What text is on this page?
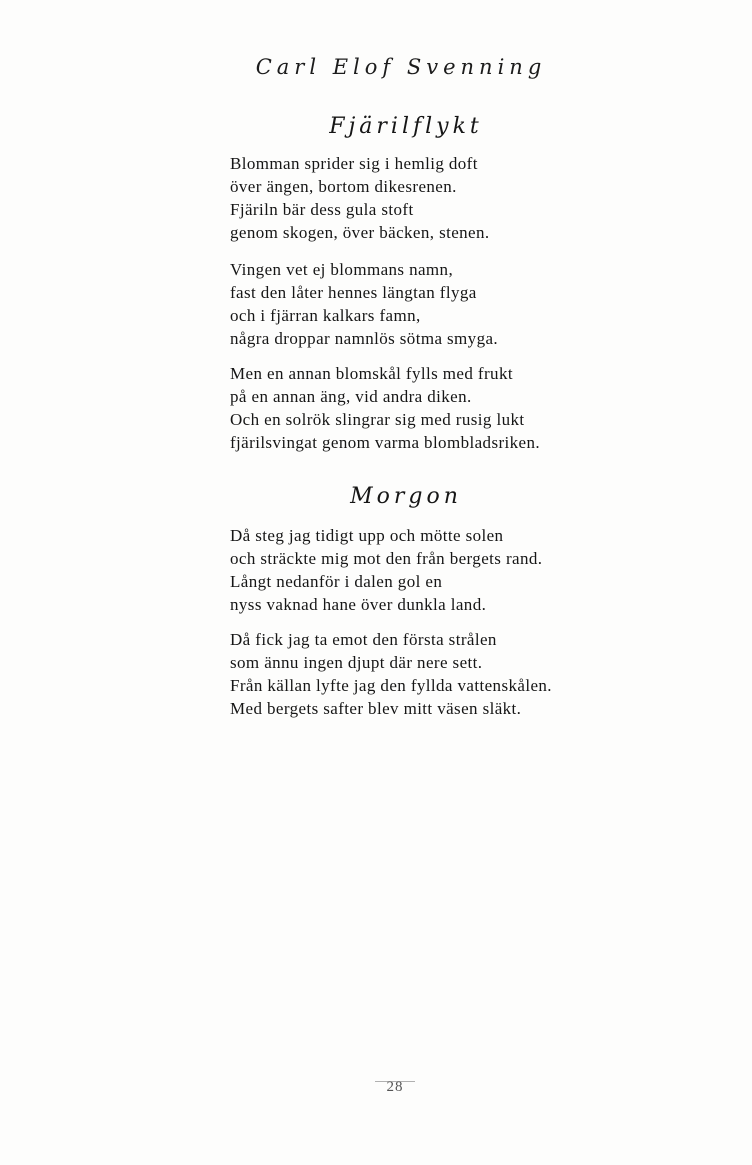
Carl Elof Svenning
Fjärilflykt
Blomman sprider sig i hemlig doft
över ängen, bortom dikesrenen.
Fjäriln bär dess gula stoft
genom skogen, över bäcken, stenen.
Vingen vet ej blommans namn,
fast den låter hennes längtan flyga
och i fjärran kalkars famn,
några droppar namnlös sötma smyga.
Men en annan blomskål fylls med frukt
på en annan äng, vid andra diken.
Och en solrök slingrar sig med rusig lukt
fjärilsvingat genom varma blombladsriken.
Morgon
Då steg jag tidigt upp och mötte solen
och sträckte mig mot den från bergets rand.
Långt nedanför i dalen gol en
nyss vaknad hane över dunkla land.
Då fick jag ta emot den första strålen
som ännu ingen djupt där nere sett.
Från källan lyfte jag den fyllda vattenskålen.
Med bergets safter blev mitt väsen släkt.
28
